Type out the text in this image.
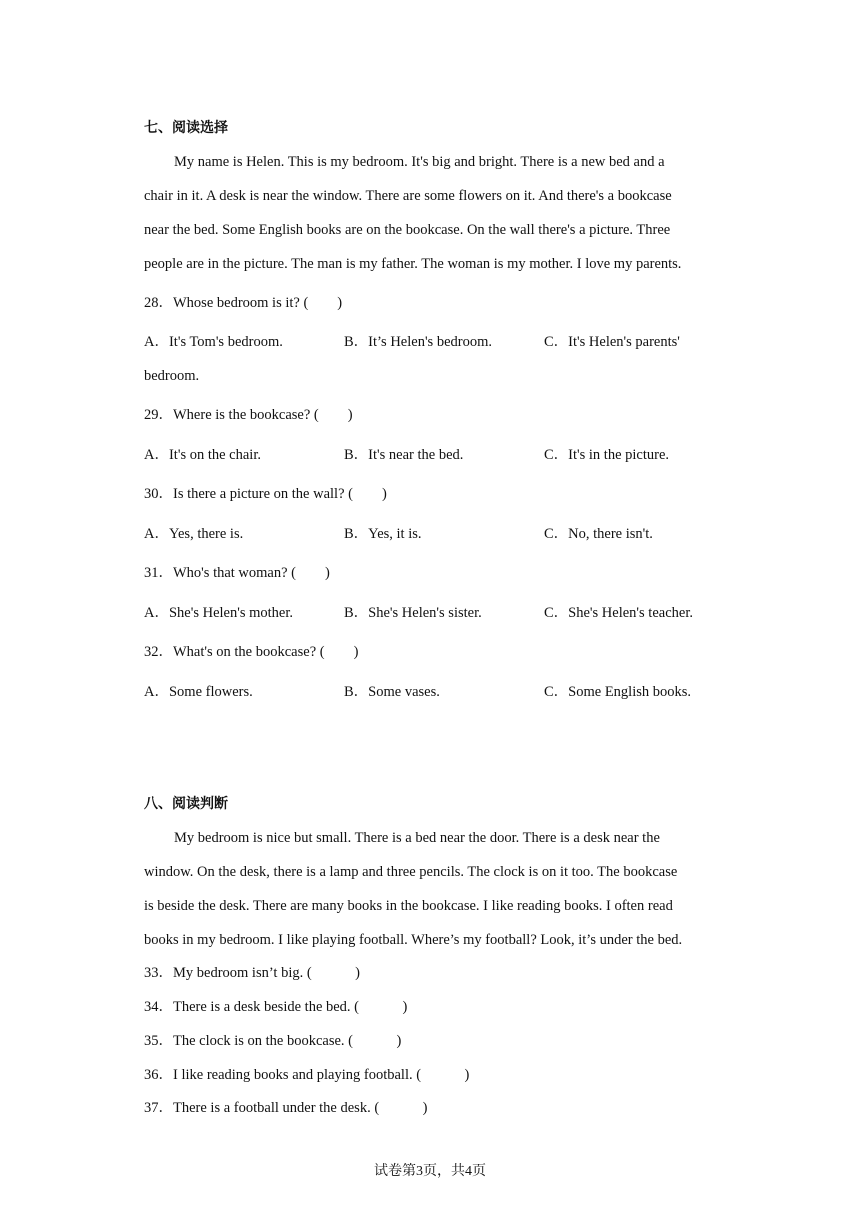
七、阅读选择
My name is Helen. This is my bedroom. It's big and bright. There is a new bed and a
chair in it. A desk is near the window. There are some flowers on it. And there's a bookcase
near the bed. Some English books are on the bookcase. On the wall there's a picture. Three
people are in the picture. The man is my father. The woman is my mother. I love my parents.
28．Whose bedroom is it? (　　)
A．It's Tom's bedroom.	B．It’s Helen's bedroom.	C．It's Helen's parents'
bedroom.
29．Where is the bookcase? (　　)
A．It's on the chair.	B．It's near the bed.	C．It's in the picture.
30．Is there a picture on the wall? (　　)
A．Yes, there is.	B．Yes, it is.	C．No, there isn't.
31．Who's that woman? (　　)
A．She's Helen's mother.	B．She's Helen's sister.	C．She's Helen's teacher.
32．What's on the bookcase? (　　)
A．Some flowers.	B．Some vases.	C．Some English books.
八、阅读判断
My bedroom is nice but small. There is a bed near the door. There is a desk near the
window. On the desk, there is a lamp and three pencils. The clock is on it too. The bookcase
is beside the desk. There are many books in the bookcase. I like reading books. I often read
books in my bedroom. I like playing football. Where’s my football? Look, it’s under the bed.
33．My bedroom isn’t big. (　　　)
34．There is a desk beside the bed. (　　　)
35．The clock is on the bookcase. (　　　)
36．I like reading books and playing football. (　　　)
37．There is a football under the desk. (　　　)
试卷第3页，共4页
